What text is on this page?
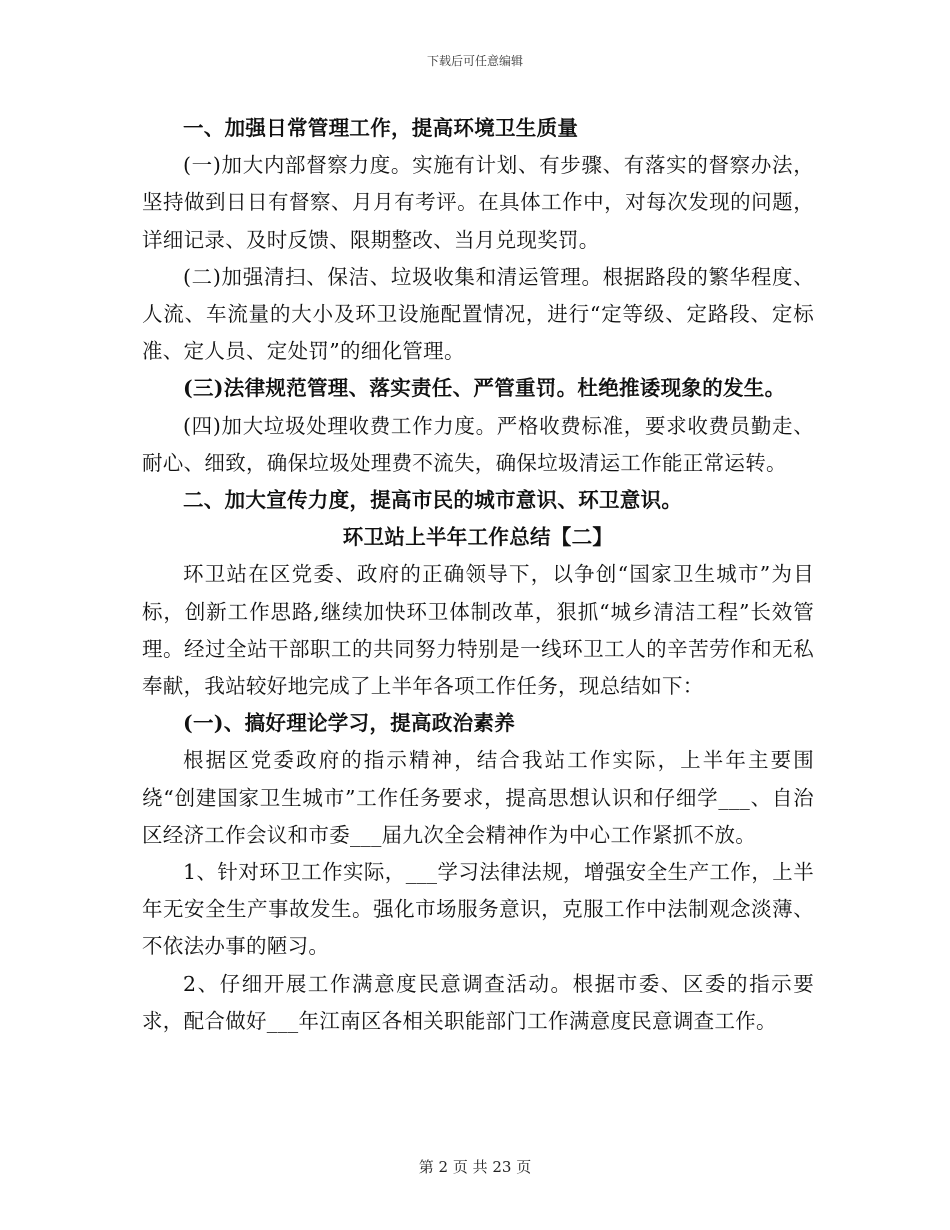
下载后可任意编辑

一、加强日常管理工作，提高环境卫生质量

(一)加大内部督察力度。实施有计划、有步骤、有落实的督察办法，坚持做到日日有督察、月月有考评。在具体工作中，对每次发现的问题，详细记录、及时反馈、限期整改、当月兑现奖罚。

(二)加强清扫、保洁、垃圾收集和清运管理。根据路段的繁华程度、人流、车流量的大小及环卫设施配置情况，进行“定等级、定路段、定标准、定人员、定处罚”的细化管理。

(三)法律规范管理、落实责任、严管重罚。杜绝推诿现象的发生。

(四)加大垃圾处理收费工作力度。严格收费标准，要求收费员勤走、耐心、细致，确保垃圾处理费不流失，确保垃圾清运工作能正常运转。

二、加大宣传力度，提高市民的城市意识、环卫意识。

环卫站上半年工作总结【二】

环卫站在区党委、政府的正确领导下，以争创“国家卫生城市”为目标，创新工作思路,继续加快环卫体制改革，狠抓“城乡清洁工程”长效管理。经过全站干部职工的共同努力特别是一线环卫工人的辛苦劳作和无私奉献，我站较好地完成了上半年各项工作任务，现总结如下：

(一)、搞好理论学习，提高政治素养

根据区党委政府的指示精神，结合我站工作实际，上半年主要围绕“创建国家卫生城市”工作任务要求，提高思想认识和仔细学___、自治区经济工作会议和市委___届九次全会精神作为中心工作紧抓不放。

1、针对环卫工作实际，___学习法律法规，增强安全生产工作，上半年无安全生产事故发生。强化市场服务意识，克服工作中法制观念淡薄、不依法办事的陋习。

2、仔细开展工作满意度民意调查活动。根据市委、区委的指示要求，配合做好___年江南区各相关职能部门工作满意度民意调查工作。

第 2 页 共 23 页
